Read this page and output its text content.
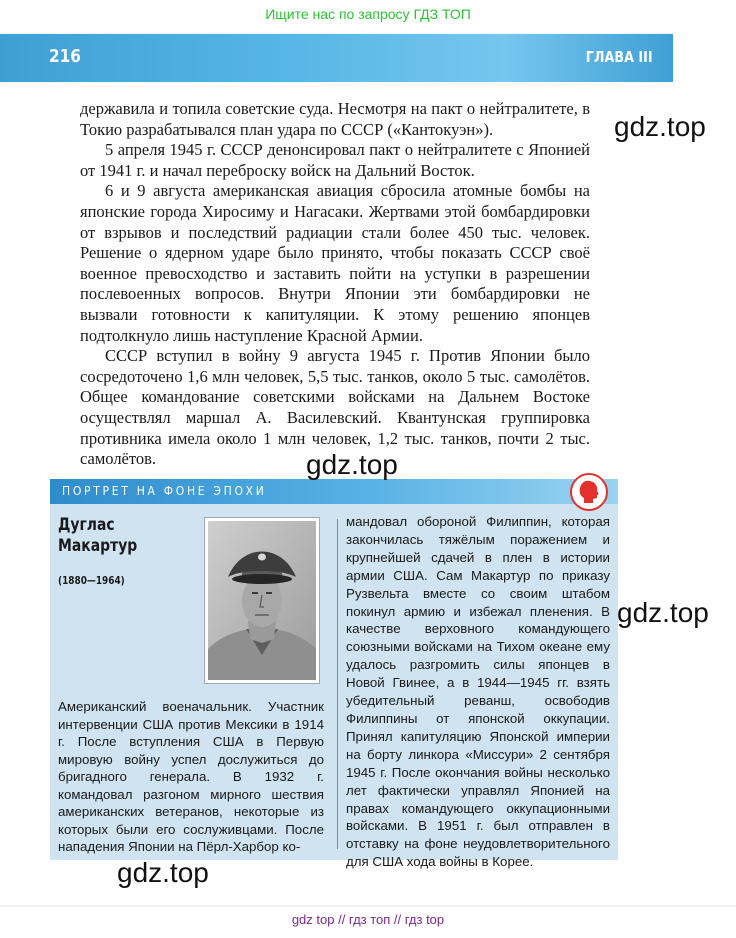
Ищите нас по запросу ГДЗ ТОП
216	ГЛАВА III

державила и топила советские суда. Несмотря на пакт о нейтралитете, в Токио разрабатывался план удара по СССР («Кантокуэн»).

5 апреля 1945 г. СССР денонсировал пакт о нейтралитете с Японией от 1941 г. и начал переброску войск на Дальний Восток.

6 и 9 августа американская авиация сбросила атомные бомбы на японские города Хиросиму и Нагасаки. Жертвами этой бомбардировки от взрывов и последствий радиации стали более 450 тыс. человек. Решение о ядерном ударе было принято, чтобы показать СССР своё военное превосходство и заставить пойти на уступки в разрешении послевоенных вопросов. Внутри Японии эти бомбардировки не вызвали готовности к капитуляции. К этому решению японцев подтолкнуло лишь наступление Красной Армии.

СССР вступил в войну 9 августа 1945 г. Против Японии было сосредоточено 1,6 млн человек, 5,5 тыс. танков, около 5 тыс. самолётов. Общее командование советскими войсками на Дальнем Востоке осуществлял маршал А. Василевский. Квантунская группировка противника имела около 1 млн человек, 1,2 тыс. танков, почти 2 тыс. самолётов.

ПОРТРЕТ НА ФОНЕ ЭПОХИ
Дуглас
Макартур
(1880—1964)
Американский военачальник. Участник интервенции США против Мексики в 1914 г. После вступления США в Первую мировую войну успел дослужиться до бригадного генерала. В 1932 г. командовал разгоном мирного шествия американских ветеранов, некоторые из которых были его сослуживцами. После нападения Японии на Пёрл-Харбор ко-
мандовал обороной Филиппин, которая закончилась тяжёлым поражением и крупнейшей сдачей в плен в истории армии США. Сам Макартур по приказу Рузвельта вместе со своим штабом покинул армию и избежал пленения. В качестве верховного командующего союзными войсками на Тихом океане ему удалось разгромить силы японцев в Новой Гвинее, а в 1944—1945 гг. взять убедительный реванш, освободив Филиппины от японской оккупации. Принял капитуляцию Японской империи на борту линкора «Миссури» 2 сентября 1945 г. После окончания войны несколько лет фактически управлял Японией на правах командующего оккупационными войсками. В 1951 г. был отправлен в отставку на фоне неудовлетворительного для США хода войны в Корее.
gdz.top
gdz.top
gdz.top
gdz.top
gdz top // гдз топ // гдз top
